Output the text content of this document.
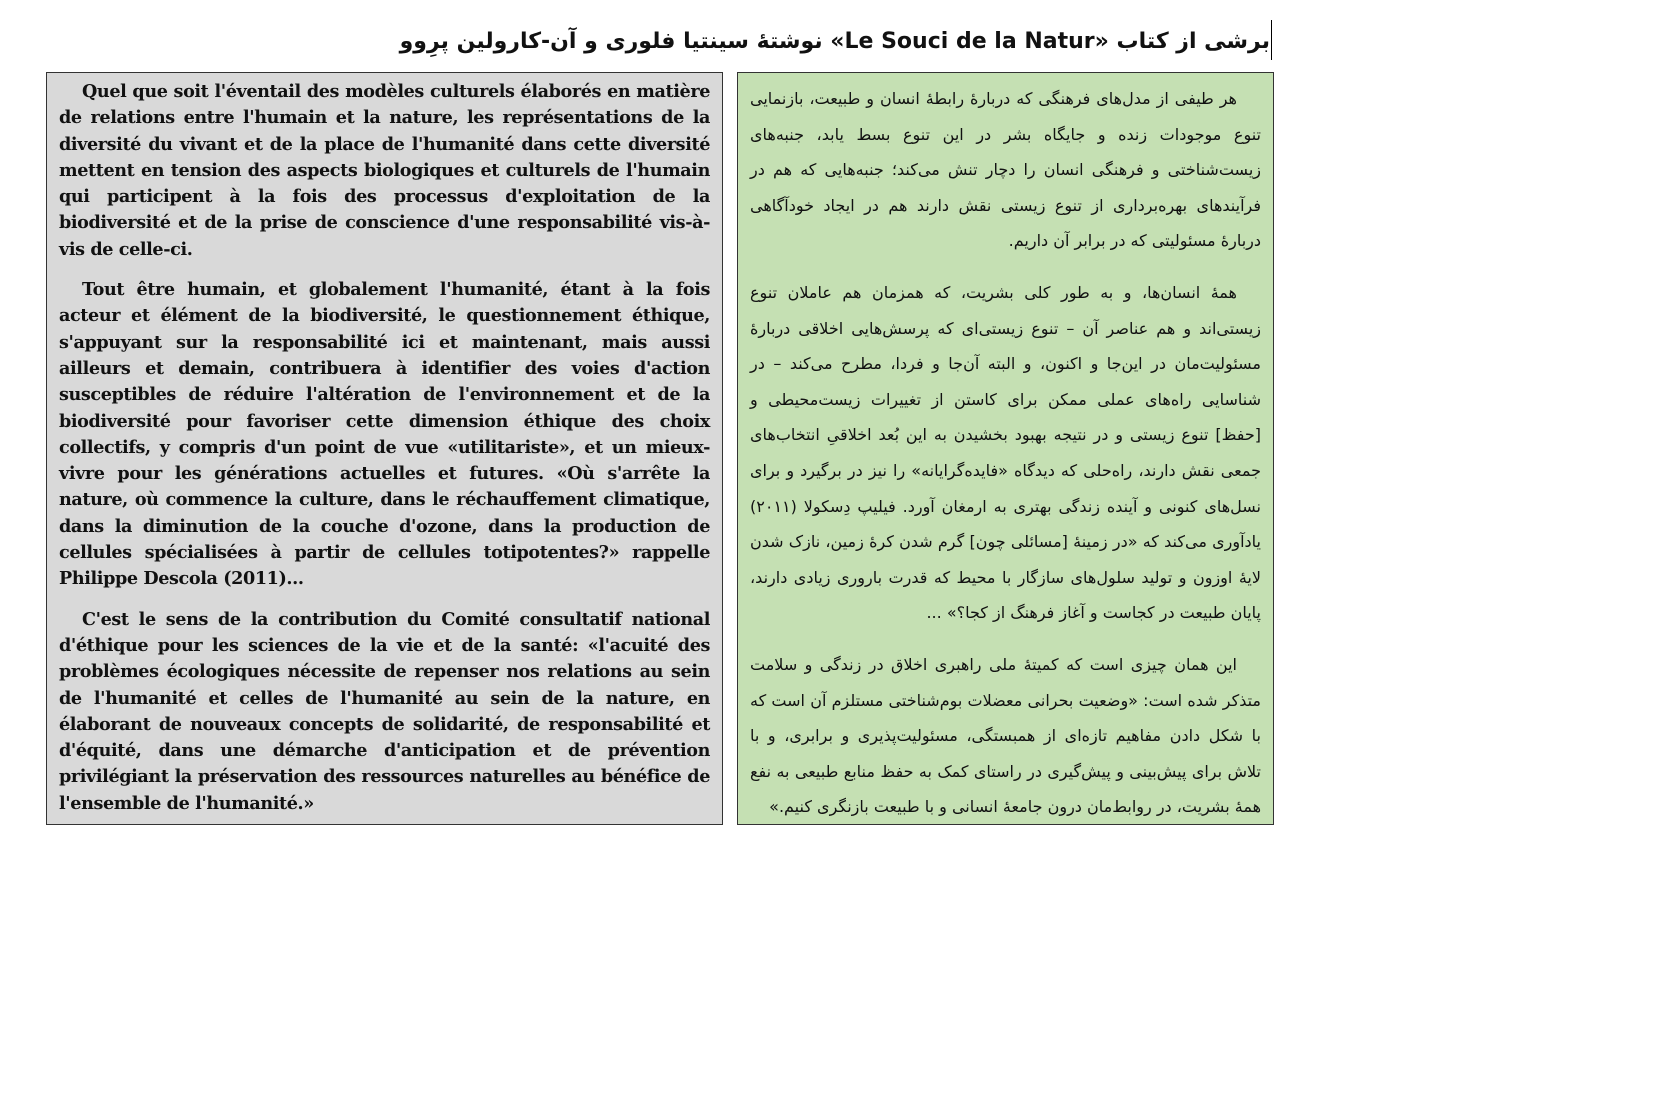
برشی از کتاب «Le Souci de la Natur» نوشتهٔ سینتیا فلوری و آن-کارولین پرِوو

Quel que soit l'éventail des modèles culturels élaborés en matière de relations entre l'humain et la nature, les représentations de la diversité du vivant et de la place de l'humanité dans cette diversité mettent en tension des aspects biologiques et culturels de l'humain qui participent à la fois des processus d'exploitation de la biodiversité et de la prise de conscience d'une responsabilité vis-à-vis de celle-ci.

Tout être humain, et globalement l'humanité, étant à la fois acteur et élément de la biodiversité, le questionnement éthique, s'appuyant sur la responsabilité ici et maintenant, mais aussi ailleurs et demain, contribuera à identifier des voies d'action susceptibles de réduire l'altération de l'environnement et de la biodiversité pour favoriser cette dimension éthique des choix collectifs, y compris d'un point de vue «utilitariste», et un mieux-vivre pour les générations actuelles et futures. «Où s'arrête la nature, où commence la culture, dans le réchauffement climatique, dans la diminution de la couche d'ozone, dans la production de cellules spécialisées à partir de cellules totipotentes?» rappelle Philippe Descola (2011)...

C'est le sens de la contribution du Comité consultatif national d'éthique pour les sciences de la vie et de la santé: «l'acuité des problèmes écologiques nécessite de repenser nos relations au sein de l'humanité et celles de l'humanité au sein de la nature, en élaborant de nouveaux concepts de solidarité, de responsabilité et d'équité, dans une démarche d'anticipation et de prévention privilégiant la préservation des ressources naturelles au bénéfice de l'ensemble de l'humanité.»

هر طیفی از مدل‌های فرهنگی که دربارهٔ رابطهٔ انسان و طبیعت، بازنمایی تنوع موجودات زنده و جایگاه بشر در این تنوع بسط یابد، جنبه‌های زیست‌شناختی و فرهنگی انسان را دچار تنش می‌کند؛ جنبه‌هایی که هم در فرآیندهای بهره‌برداری از تنوع زیستی نقش دارند هم در ایجاد خودآگاهی دربارهٔ مسئولیتی که در برابر آن داریم.

همهٔ انسان‌ها، و به طور کلی بشریت، که همزمان هم عاملان تنوع زیستی‌اند و هم عناصر آن – تنوع زیستی‌ای که پرسش‌هایی اخلاقی دربارهٔ مسئولیت‌مان در این‌جا و اکنون، و البته آن‌جا و فردا، مطرح می‌کند – در شناسایی راه‌های عملی ممکن برای کاستن از تغییرات زیست‌محیطی و [حفظ] تنوع زیستی و در نتیجه بهبود بخشیدن به این بُعد اخلاقیِ انتخاب‌های جمعی نقش دارند، راه‌حلی که دیدگاه «فایده‌گرایانه» را نیز در برگیرد و برای نسل‌های کنونی و آینده زندگی بهتری به ارمغان آورد. فیلیپ دِسکولا (۲۰۱۱) یادآوری می‌کند که «در زمینهٔ [مسائلی چون] گرم شدن کرهٔ زمین، نازک شدن لایهٔ اوزون و تولید سلول‌های سازگار با محیط که قدرت باروری زیادی دارند، پایان طبیعت در کجاست و آغاز فرهنگ از کجا؟» ...

این همان چیزی است که کمیتهٔ ملی راهبری اخلاق در زندگی و سلامت متذکر شده است: «وضعیت بحرانی معضلات بوم‌شناختی مستلزم آن است که با شکل دادن مفاهیم تازه‌ای از همبستگی، مسئولیت‌پذیری و برابری، و با تلاش برای پیش‌بینی و پیش‌گیری در راستای کمک به حفظ منابع طبیعی به نفع همهٔ بشریت، در روابط‌مان درون جامعهٔ انسانی و با طبیعت بازنگری کنیم.»
